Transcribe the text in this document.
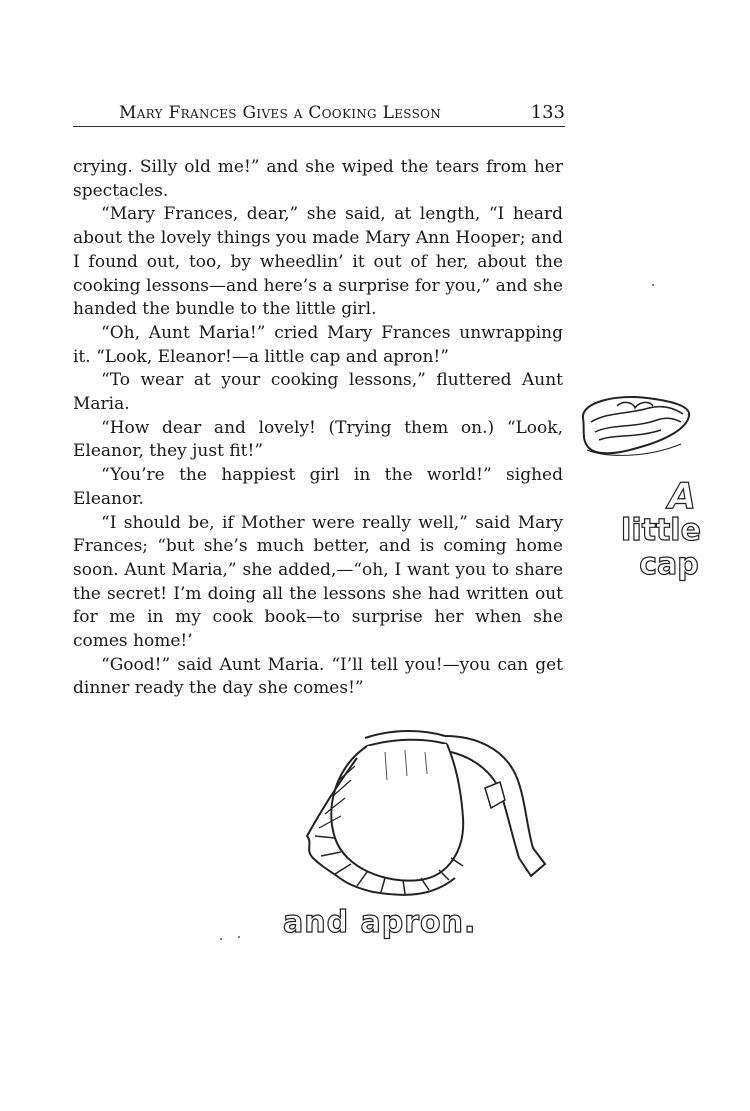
Mary Frances Gives a Cooking Lesson	133

crying. Silly old me!” and she wiped the tears from her spectacles.

“Mary Frances, dear,” she said, at length, “I heard about the lovely things you made Mary Ann Hooper; and I found out, too, by wheedlin’ it out of her, about the cooking lessons—and here’s a surprise for you,” and she handed the bundle to the little girl.

“Oh, Aunt Maria!” cried Mary Frances unwrapping it. “Look, Eleanor!—a little cap and apron!”

“To wear at your cooking lessons,” fluttered Aunt Maria.

“How dear and lovely! (Trying them on.) “Look, Eleanor, they just fit!”

“You’re the happiest girl in the world!” sighed Eleanor.

“I should be, if Mother were really well,” said Mary Frances; “but she’s much better, and is coming home soon. Aunt Maria,” she added,—“oh, I want you to share the secret! I’m doing all the lessons she had written out for me in my cook book—to surprise her when she comes home!’

“Good!” said Aunt Maria. “I’ll tell you!—you can get dinner ready the day she comes!”

A
little
cap
and apron.
